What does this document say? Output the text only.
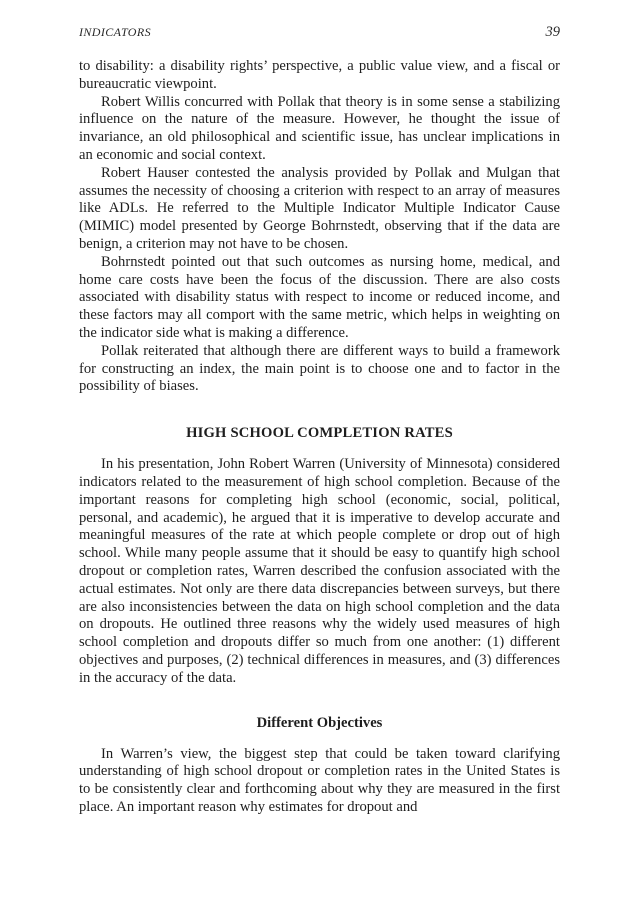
INDICATORS	39

to disability: a disability rights’ perspective, a public value view, and a fiscal or bureaucratic viewpoint.

Robert Willis concurred with Pollak that theory is in some sense a stabilizing influence on the nature of the measure. However, he thought the issue of invariance, an old philosophical and scientific issue, has unclear implications in an economic and social context.

Robert Hauser contested the analysis provided by Pollak and Mulgan that assumes the necessity of choosing a criterion with respect to an array of measures like ADLs. He referred to the Multiple Indicator Multiple Indicator Cause (MIMIC) model presented by George Bohrnstedt, observing that if the data are benign, a criterion may not have to be chosen.

Bohrnstedt pointed out that such outcomes as nursing home, medical, and home care costs have been the focus of the discussion. There are also costs associated with disability status with respect to income or reduced income, and these factors may all comport with the same metric, which helps in weighting on the indicator side what is making a difference.

Pollak reiterated that although there are different ways to build a framework for constructing an index, the main point is to choose one and to factor in the possibility of biases.

HIGH SCHOOL COMPLETION RATES

In his presentation, John Robert Warren (University of Minnesota) considered indicators related to the measurement of high school completion. Because of the important reasons for completing high school (economic, social, political, personal, and academic), he argued that it is imperative to develop accurate and meaningful measures of the rate at which people complete or drop out of high school. While many people assume that it should be easy to quantify high school dropout or completion rates, Warren described the confusion associated with the actual estimates. Not only are there data discrepancies between surveys, but there are also inconsistencies between the data on high school completion and the data on dropouts. He outlined three reasons why the widely used measures of high school completion and dropouts differ so much from one another: (1) different objectives and purposes, (2) technical differences in measures, and (3) differences in the accuracy of the data.

Different Objectives

In Warren’s view, the biggest step that could be taken toward clarifying understanding of high school dropout or completion rates in the United States is to be consistently clear and forthcoming about why they are measured in the first place. An important reason why estimates for dropout and
